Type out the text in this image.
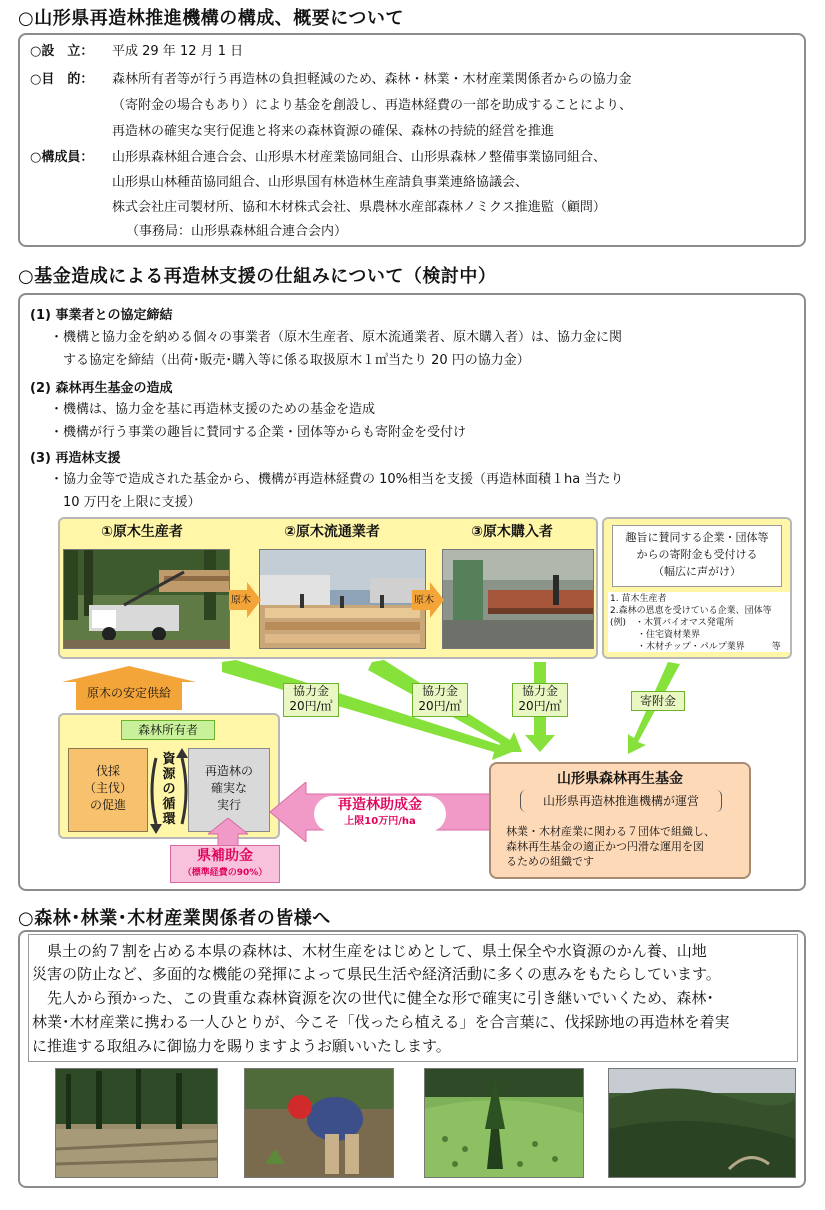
○山形県再造林推進機構の構成、概要について
○設　立： 平成 29 年 12 月 1 日
○目　的： 森林所有者等が行う再造林の負担軽減のため、森林・林業・木材産業関係者からの協力金
（寄附金の場合もあり）により基金を創設し、再造林経費の一部を助成することにより、
再造林の確実な実行促進と将来の森林資源の確保、森林の持続的経営を推進
○構成員： 山形県森林組合連合会、山形県木材産業協同組合、山形県森林ノ整備事業協同組合、
山形県山林種苗協同組合、山形県国有林造林生産請負事業連絡協議会、
株式会社庄司製材所、協和木材株式会社、県農林水産部森林ノミクス推進監（顧問）
（事務局：山形県森林組合連合会内）
○基金造成による再造林支援の仕組みについて（検討中）
(1) 事業者との協定締結
・機構と協力金を納める個々の事業者（原木生産者、原木流通業者、原木購入者）は、協力金に関
　する協定を締結（出荷･販売･購入等に係る取扱原木１㎥当たり 20 円の協力金）
(2) 森林再生基金の造成
・機構は、協力金を基に再造林支援のための基金を造成
・機構が行う事業の趣旨に賛同する企業・団体等からも寄附金を受付け
(3) 再造林支援
・協力金等で造成された基金から、機構が再造林経費の 10%相当を支援（再造林面積１ha 当たり
　10 万円を上限に支援）
①原木生産者	②原木流通業者	③原木購入者
原木	原木
趣旨に賛同する企業・団体等
からの寄附金も受付ける
（幅広に声がけ）
1. 苗木生産者
2.森林の恩恵を受けている企業、団体等
(例)　・木質バイオマス発電所
　　　・住宅資材業界
　　　・木材チップ・パルプ業界　　　等
協力金
20円/㎥
協力金
20円/㎥
協力金
20円/㎥	寄附金
原木の安定供給
森林所有者
伐採
（主伐）
の促進
再造林の
確実な
実行
資
源
の
循
環
県補助金
（標準経費の90%）
再造林助成金
上限10万円/ha
山形県森林再生基金
山形県再造林推進機構が運営
林業・木材産業に関わる７団体で組織し、
森林再生基金の適正かつ円滑な運用を図
るための組織です
○森林･林業･木材産業関係者の皆様へ
　県土の約７割を占める本県の森林は、木材生産をはじめとして、県土保全や水資源のかん養、山地
災害の防止など、多面的な機能の発揮によって県民生活や経済活動に多くの恵みをもたらしています。
　先人から預かった、この貴重な森林資源を次の世代に健全な形で確実に引き継いでいくため、森林･
林業･木材産業に携わる一人ひとりが、今こそ「伐ったら植える」を合言葉に、伐採跡地の再造林を着実
に推進する取組みに御協力を賜りますようお願いいたします。
